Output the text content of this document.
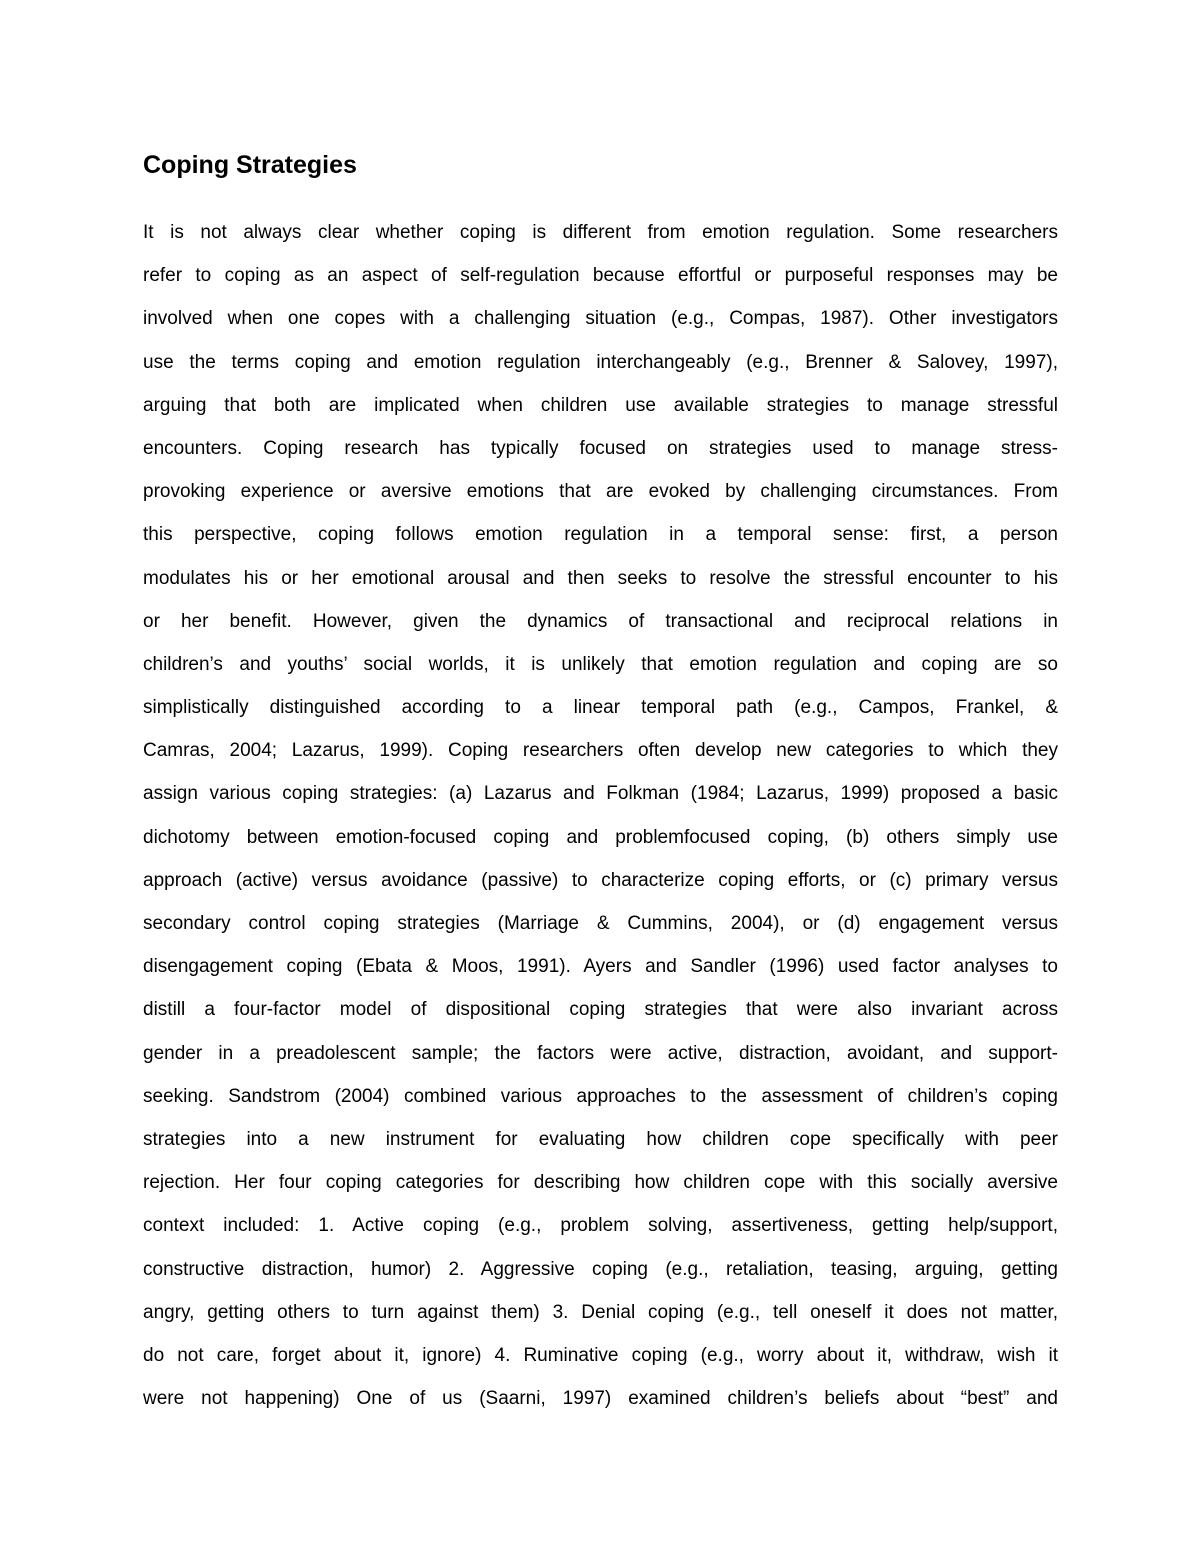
Coping Strategies
It is not always clear whether coping is different from emotion regulation. Some researchers
refer to coping as an aspect of self-regulation because effortful or purposeful responses may be
involved when one copes with a challenging situation (e.g., Compas, 1987). Other investigators
use the terms coping and emotion regulation interchangeably (e.g., Brenner & Salovey, 1997),
arguing that both are implicated when children use available strategies to manage stressful
encounters. Coping research has typically focused on strategies used to manage stress-
provoking experience or aversive emotions that are evoked by challenging circumstances. From
this perspective, coping follows emotion regulation in a temporal sense: first, a person
modulates his or her emotional arousal and then seeks to resolve the stressful encounter to his
or her benefit. However, given the dynamics of transactional and reciprocal relations in
children’s and youths’ social worlds, it is unlikely that emotion regulation and coping are so
simplistically distinguished according to a linear temporal path (e.g., Campos, Frankel, &
Camras, 2004; Lazarus, 1999). Coping researchers often develop new categories to which they
assign various coping strategies: (a) Lazarus and Folkman (1984; Lazarus, 1999) proposed a basic
dichotomy between emotion-focused coping and problemfocused coping, (b) others simply use
approach (active) versus avoidance (passive) to characterize coping efforts, or (c) primary versus
secondary control coping strategies (Marriage & Cummins, 2004), or (d) engagement versus
disengagement coping (Ebata & Moos, 1991). Ayers and Sandler (1996) used factor analyses to
distill a four-factor model of dispositional coping strategies that were also invariant across
gender in a preadolescent sample; the factors were active, distraction, avoidant, and support-
seeking. Sandstrom (2004) combined various approaches to the assessment of children’s coping
strategies into a new instrument for evaluating how children cope specifically with peer
rejection. Her four coping categories for describing how children cope with this socially aversive
context included: 1. Active coping (e.g., problem solving, assertiveness, getting help/support,
constructive distraction, humor) 2. Aggressive coping (e.g., retaliation, teasing, arguing, getting
angry, getting others to turn against them) 3. Denial coping (e.g., tell oneself it does not matter,
do not care, forget about it, ignore) 4. Ruminative coping (e.g., worry about it, withdraw, wish it
were not happening) One of us (Saarni, 1997) examined children’s beliefs about “best” and
